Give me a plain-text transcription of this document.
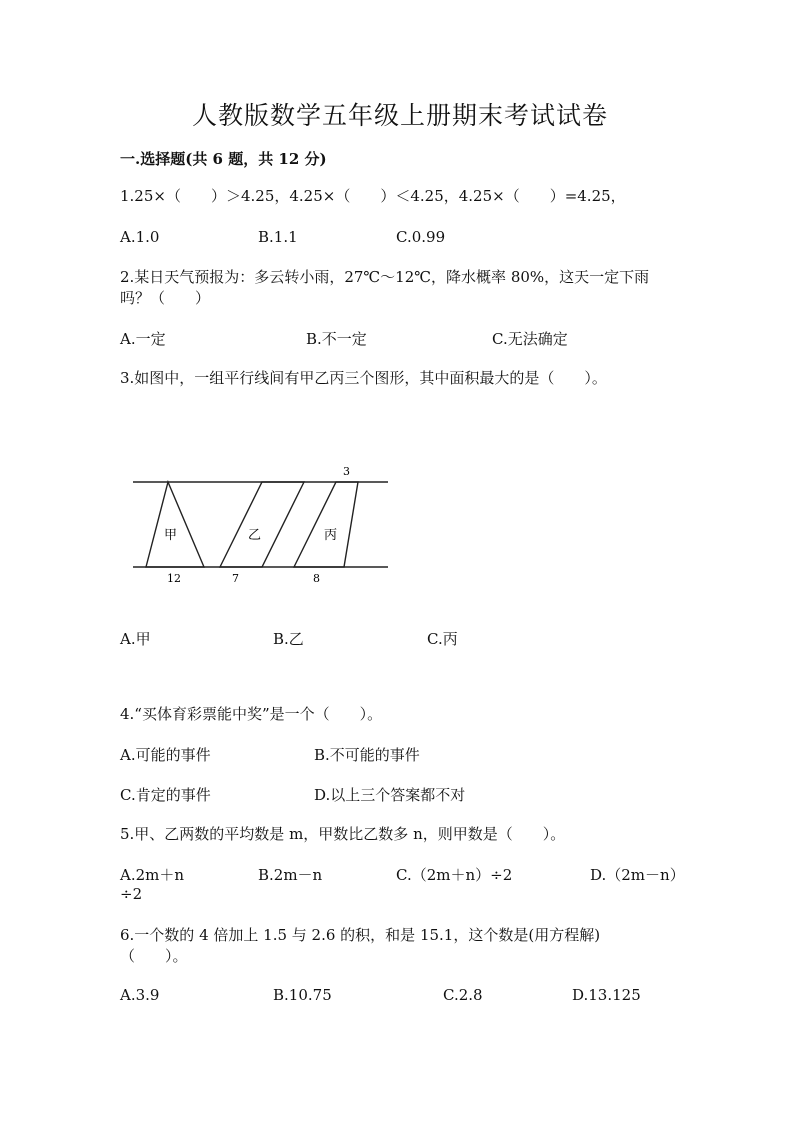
人教版数学五年级上册期末考试试卷
一.选择题(共 6 题，共 12 分)
1.25×（　　）＞4.25，4.25×（　　）＜4.25，4.25×（　　）=4.25，
A.1.0	B.1.1	C.0.99
2.某日天气预报为：多云转小雨，27℃～12℃，降水概率 80%，这天一定下雨
吗？（　　）
A.一定	B.不一定	C.无法确定
3.如图中，一组平行线间有甲乙丙三个图形，其中面积最大的是（　　）。
甲	乙	丙
3
12	7	8
A.甲	B.乙	C.丙
4.“买体育彩票能中奖”是一个（　　）。
A.可能的事件	B.不可能的事件
C.肯定的事件	D.以上三个答案都不对
5.甲、乙两数的平均数是 m，甲数比乙数多 n，则甲数是（　　）。
A.2m＋n	B.2m－n	C.（2m＋n）÷2	D.（2m－n）
÷2
6.一个数的 4 倍加上 1.5 与 2.6 的积，和是 15.1，这个数是(用方程解)
（　　）。
A.3.9	B.10.75	C.2.8	D.13.125
